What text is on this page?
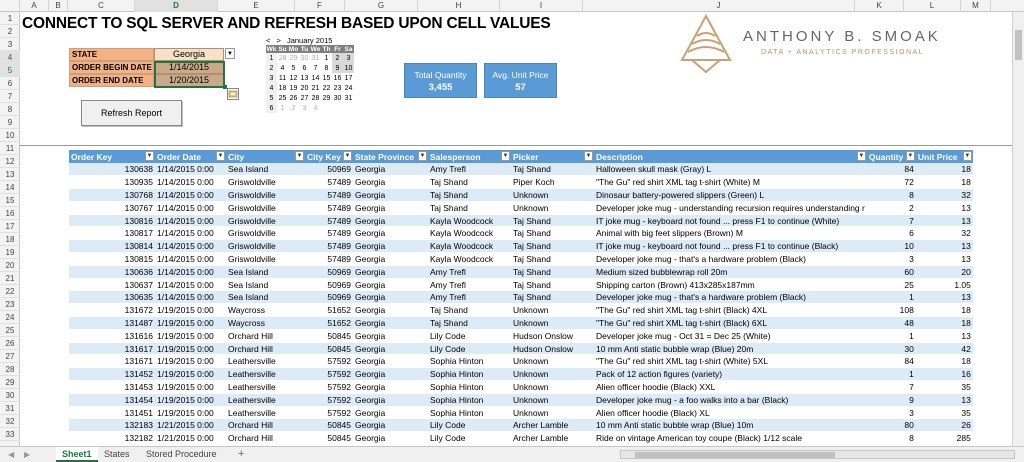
A	B	C	D	E	F	G	H	I	J	K	L	M
1
2
3
4
5
6
7
8
9
10
11
12
13
14
15
16
17
18
19
20
21
22
23
24
25
26
27
28
29
30
31
32
33
CONNECT TO SQL SERVER AND REFRESH BASED UPON CELL VALUES
STATE	Georgia	▼
ORDER BEGIN DATE	1/14/2015
ORDER END DATE	1/20/2015
Refresh Report
< > January 2015
Wk	Su	Mo	Tu	We	Th	Fr	Sa
1	28	29	30	31	1	2	3
2	4	5	6	7	8	9	10
3	11	12	13	14	15	16	17
4	18	19	20	21	22	23	24
5	25	26	27	28	29	30	31
6	1	2	3	4			
Total Quantity
3,455
Avg. Unit Price
57
ANTHONY B. SMOAK
DATA + ANALYTICS PROFESSIONAL
Order Key ▼	Order Date ▼	City ▼	City Key ▼	State Province ▼	Salesperson ▼	Picker ▼	Description ▼	Quantity ▼	Unit Price ▼

130638	1/14/2015 0:00	Sea Island	50969	Georgia	Amy Trefl	Taj Shand	Halloween skull mask (Gray) L	84	18
130935	1/14/2015 0:00	Griswoldville	57489	Georgia	Taj Shand	Piper Koch	"The Gu" red shirt XML tag t-shirt (White) M	72	18
130768	1/14/2015 0:00	Griswoldville	57489	Georgia	Taj Shand	Unknown	Dinosaur battery-powered slippers (Green) L	8	32
130767	1/14/2015 0:00	Griswoldville	57489	Georgia	Taj Shand	Unknown	Developer joke mug - understanding recursion requires understanding r	2	13
130816	1/14/2015 0:00	Griswoldville	57489	Georgia	Kayla Woodcock	Taj Shand	IT joke mug - keyboard not found ... press F1 to continue (White)	7	13
130817	1/14/2015 0:00	Griswoldville	57489	Georgia	Kayla Woodcock	Taj Shand	Animal with big feet slippers (Brown) M	6	32
130814	1/14/2015 0:00	Griswoldville	57489	Georgia	Kayla Woodcock	Taj Shand	IT joke mug - keyboard not found ... press F1 to continue (Black)	10	13
130815	1/14/2015 0:00	Griswoldville	57489	Georgia	Kayla Woodcock	Taj Shand	Developer joke mug - that's a hardware problem (Black)	3	13
130636	1/14/2015 0:00	Sea Island	50969	Georgia	Amy Trefl	Taj Shand	Medium sized bubblewrap roll 20m	60	20
130637	1/14/2015 0:00	Sea Island	50969	Georgia	Amy Trefl	Taj Shand	Shipping carton (Brown) 413x285x187mm	25	1.05
130635	1/14/2015 0:00	Sea Island	50969	Georgia	Amy Trefl	Taj Shand	Developer joke mug - that's a hardware problem (Black)	1	13
131672	1/19/2015 0:00	Waycross	51652	Georgia	Taj Shand	Unknown	"The Gu" red shirt XML tag t-shirt (Black) 4XL	108	18
131487	1/19/2015 0:00	Waycross	51652	Georgia	Taj Shand	Unknown	"The Gu" red shirt XML tag t-shirt (Black) 6XL	48	18
131616	1/19/2015 0:00	Orchard Hill	50845	Georgia	Lily Code	Hudson Onslow	Developer joke mug - Oct 31 = Dec 25 (White)	1	13
131617	1/19/2015 0:00	Orchard Hill	50845	Georgia	Lily Code	Hudson Onslow	10 mm Anti static bubble wrap (Blue) 20m	30	42
131671	1/19/2015 0:00	Leathersville	57592	Georgia	Sophia Hinton	Unknown	"The Gu" red shirt XML tag t-shirt (White) 5XL	84	18
131452	1/19/2015 0:00	Leathersville	57592	Georgia	Sophia Hinton	Unknown	Pack of 12 action figures (variety)	1	16
131453	1/19/2015 0:00	Leathersville	57592	Georgia	Sophia Hinton	Unknown	Alien officer hoodie (Black) XXL	7	35
131454	1/19/2015 0:00	Leathersville	57592	Georgia	Sophia Hinton	Unknown	Developer joke mug - a foo walks into a bar (Black)	9	13
131451	1/19/2015 0:00	Leathersville	57592	Georgia	Sophia Hinton	Unknown	Alien officer hoodie (Black) XL	3	35
132183	1/21/2015 0:00	Orchard Hill	50845	Georgia	Lily Code	Archer Lamble	10 mm Anti static bubble wrap (Blue) 10m	80	26
132182	1/21/2015 0:00	Orchard Hill	50845	Georgia	Lily Code	Archer Lamble	Ride on vintage American toy coupe (Black) 1/12 scale	8	285
◀ ▶	Sheet1	States	Stored Procedure	+
